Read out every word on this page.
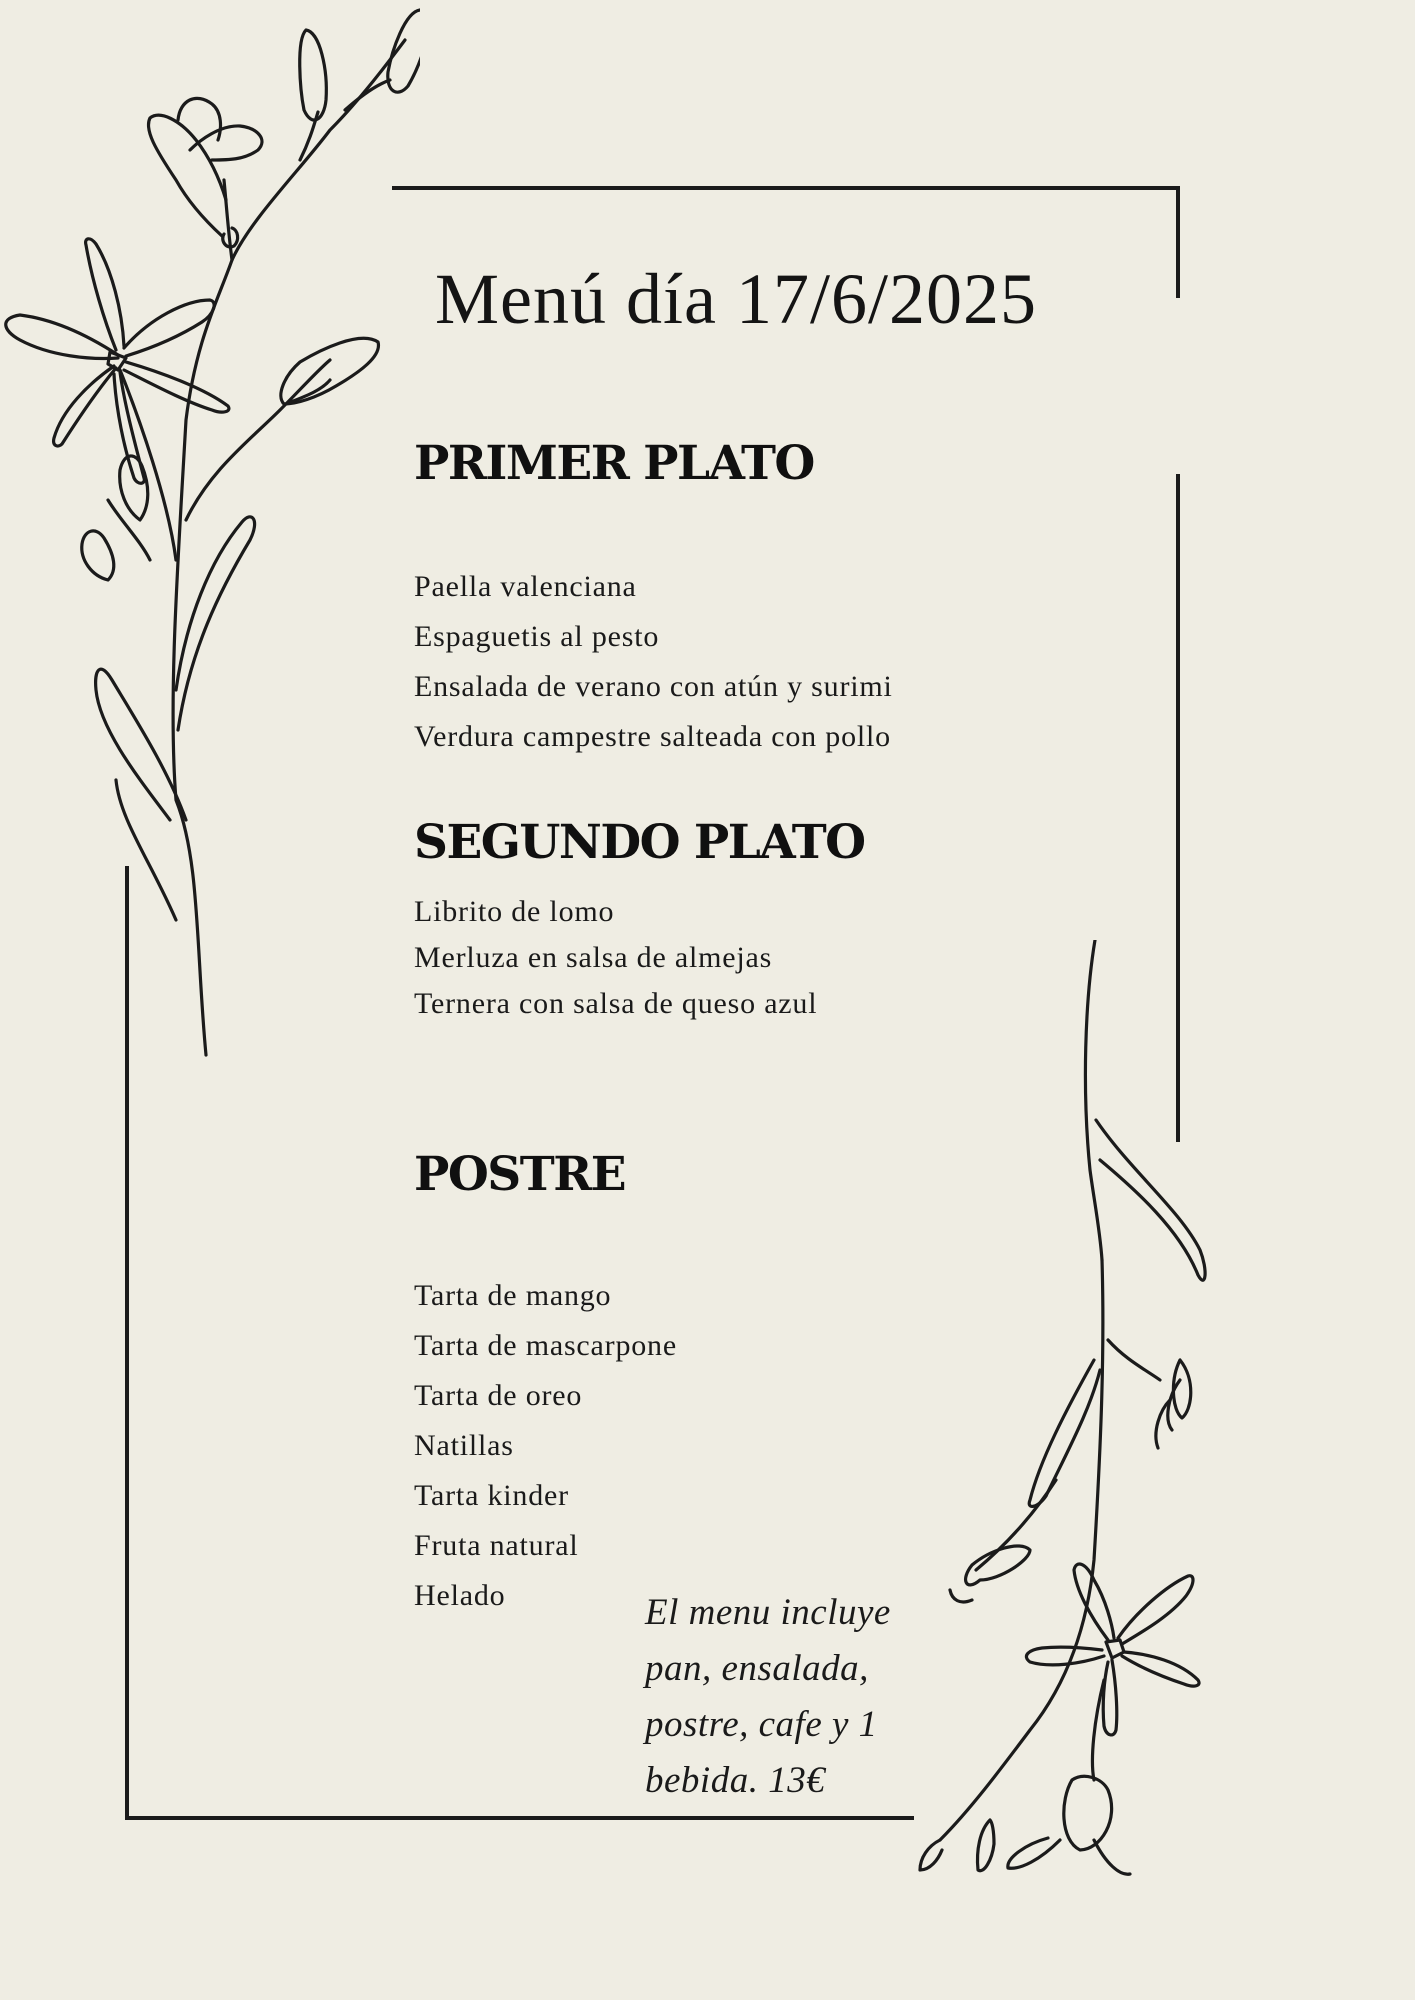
Menú día 17/6/2025
PRIMER PLATO
Paella valenciana
Espaguetis al pesto
Ensalada de verano con atún y surimi
Verdura campestre salteada con pollo
SEGUNDO PLATO
Librito de lomo
Merluza en salsa de almejas
Ternera con salsa de queso azul
POSTRE
Tarta de mango
Tarta de mascarpone
Tarta de oreo
Natillas
Tarta kinder
Fruta natural
Helado	El menu incluye pan, ensalada, postre, cafe y 1 bebida. 13€
